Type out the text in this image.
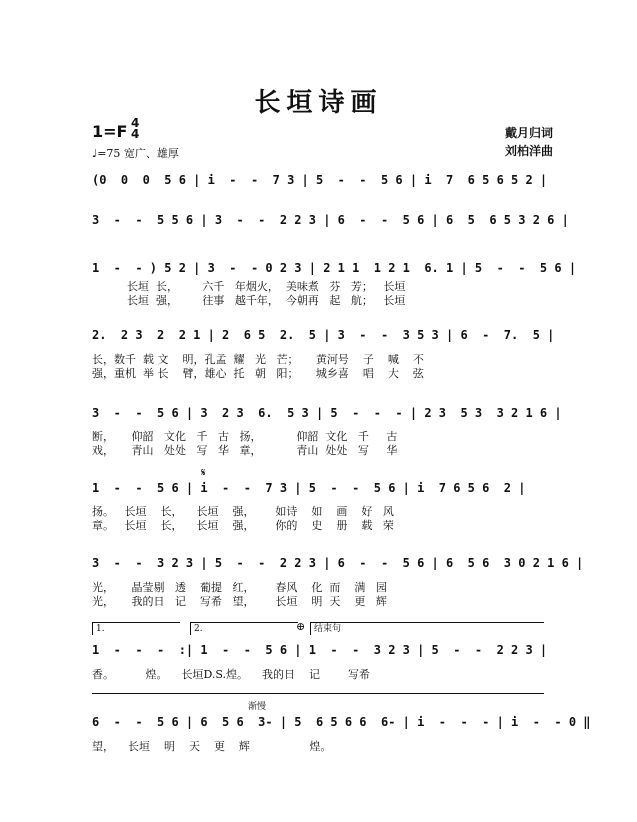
长垣诗画
1=F 4
4
♩=75 宽广、雄厚
戴月归词
刘柏洋曲
(0  0  0  5 6 | i  -  -  7 3 | 5  -  -  5 6 | i  7  6 5 6 5 2 |
3  -  -  5 5 6 | 3  -  -  2 2 3 | 6  -  -  5 6 | 6  5  6 5 3 2 6 |
1  -  - ) 5 2 | 3  -  - 0 2 3 | 2 1 1  1 2 1  6. 1 | 5  -  -  5 6 |
长垣  长，       六千   年烟火，  美味煮   芬   芳；   长垣
长垣  强，       往事   越千年，  今朝再   起   航；   长垣
2.  2 3  2  2 1 | 2  6 5  2.  5 | 3  -  -  3 5 3 | 6  -  7.  5 |
长，数千  载 文    明，孔孟  耀   光   芒；     黄河号    子    喊    不
强，重机  举 长    臂，雄心  托   朝   阳；     城乡喜    唱    大    弦
3  -  -  5 6 | 3  2 3  6.  5 3 | 5  -  -  - | 2 3  5 3  3 2 1 6 |
断，     仰韶   文化   千   古   扬，          仰韶  文化   千     古
戏，     青山   处处   写   华   章，          青山  处处   写     华
𝄋
1  -  -  5 6 | i  -  -  7 3 | 5  -  -  5 6 | i  7 6 5 6  2 |
扬。   长垣    长，    长垣    强，      如诗    如    画    好   风
章。   长垣    长，    长垣    强，      你的    史    册    载   荣
3  -  -  3 2 3 | 5  -  -  2 2 3 | 6  -  -  5 6 | 6  5 6  3 0 2 1 6 |
光，     晶莹剔   透    葡提   红，      春风    化  而    满   园
光，     我的日   记    写希   望，      长垣    明  天    更   辉
1.	2.	⊕ 结束句
1  -  -  -  :| 1  -  -  5 6 | 1  -  -  3 2 3 | 5  -  -  2 2 3 |
香。         煌。    长垣D.S.煌。    我的日    记        写希
渐慢
6  -  -  5 6 | 6  5 6  3- | 5  6 5 6 6  6- | i  -  -  - | i  -  - 0 ‖
望，    长垣    明    天    更    辉                 煌。
